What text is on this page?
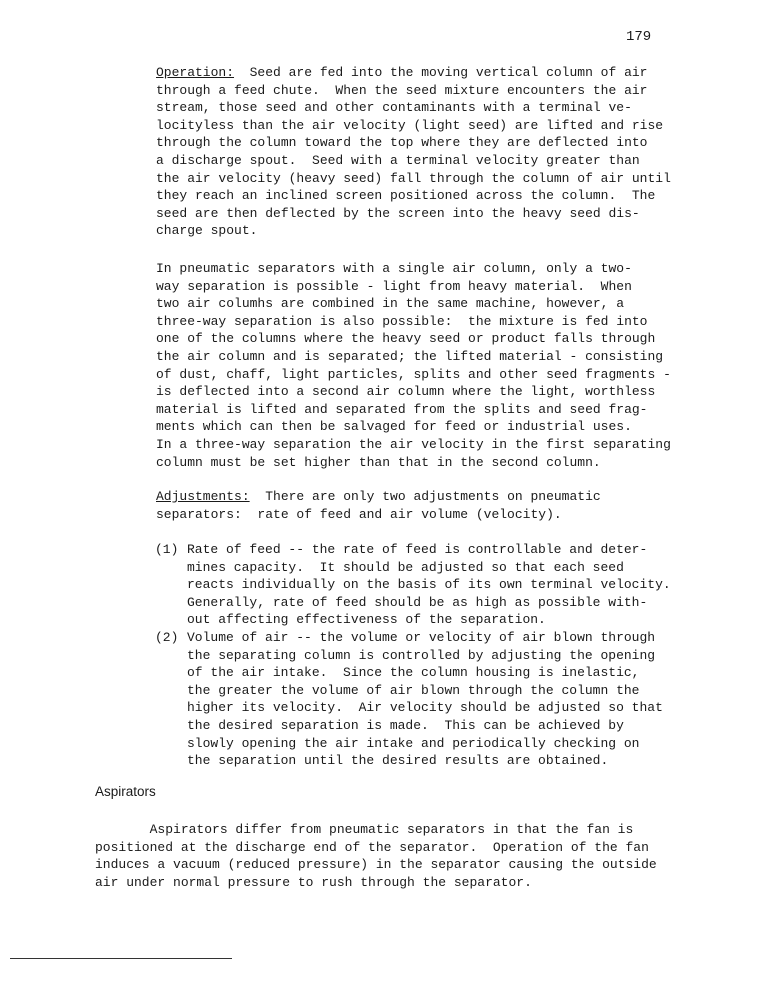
179

Operation:  Seed are fed into the moving vertical column of air
through a feed chute.  When the seed mixture encounters the air
stream, those seed and other contaminants with a terminal ve-
locityless than the air velocity (light seed) are lifted and rise
through the column toward the top where they are deflected into
a discharge spout.  Seed with a terminal velocity greater than
the air velocity (heavy seed) fall through the column of air until
they reach an inclined screen positioned across the column.  The
seed are then deflected by the screen into the heavy seed dis-
charge spout.

In pneumatic separators with a single air column, only a two-
way separation is possible - light from heavy material.  When
two air columhs are combined in the same machine, however, a
three-way separation is also possible:  the mixture is fed into
one of the columns where the heavy seed or product falls through
the air column and is separated; the lifted material - consisting
of dust, chaff, light particles, splits and other seed fragments -
is deflected into a second air column where the light, worthless
material is lifted and separated from the splits and seed frag-
ments which can then be salvaged for feed or industrial uses.
In a three-way separation the air velocity in the first separating
column must be set higher than that in the second column.

Adjustments:  There are only two adjustments on pneumatic
separators:  rate of feed and air volume (velocity).

(1) Rate of feed -- the rate of feed is controllable and deter-
mines capacity.  It should be adjusted so that each seed
reacts individually on the basis of its own terminal velocity.
Generally, rate of feed should be as high as possible with-
out affecting effectiveness of the separation.

(2) Volume of air -- the volume or velocity of air blown through
the separating column is controlled by adjusting the opening
of the air intake.  Since the column housing is inelastic,
the greater the volume of air blown through the column the
higher its velocity.  Air velocity should be adjusted so that
the desired separation is made.  This can be achieved by
slowly opening the air intake and periodically checking on
the separation until the desired results are obtained.

Aspirators

Aspirators differ from pneumatic separators in that the fan is
positioned at the discharge end of the separator.  Operation of the fan
induces a vacuum (reduced pressure) in the separator causing the outside
air under normal pressure to rush through the separator.
